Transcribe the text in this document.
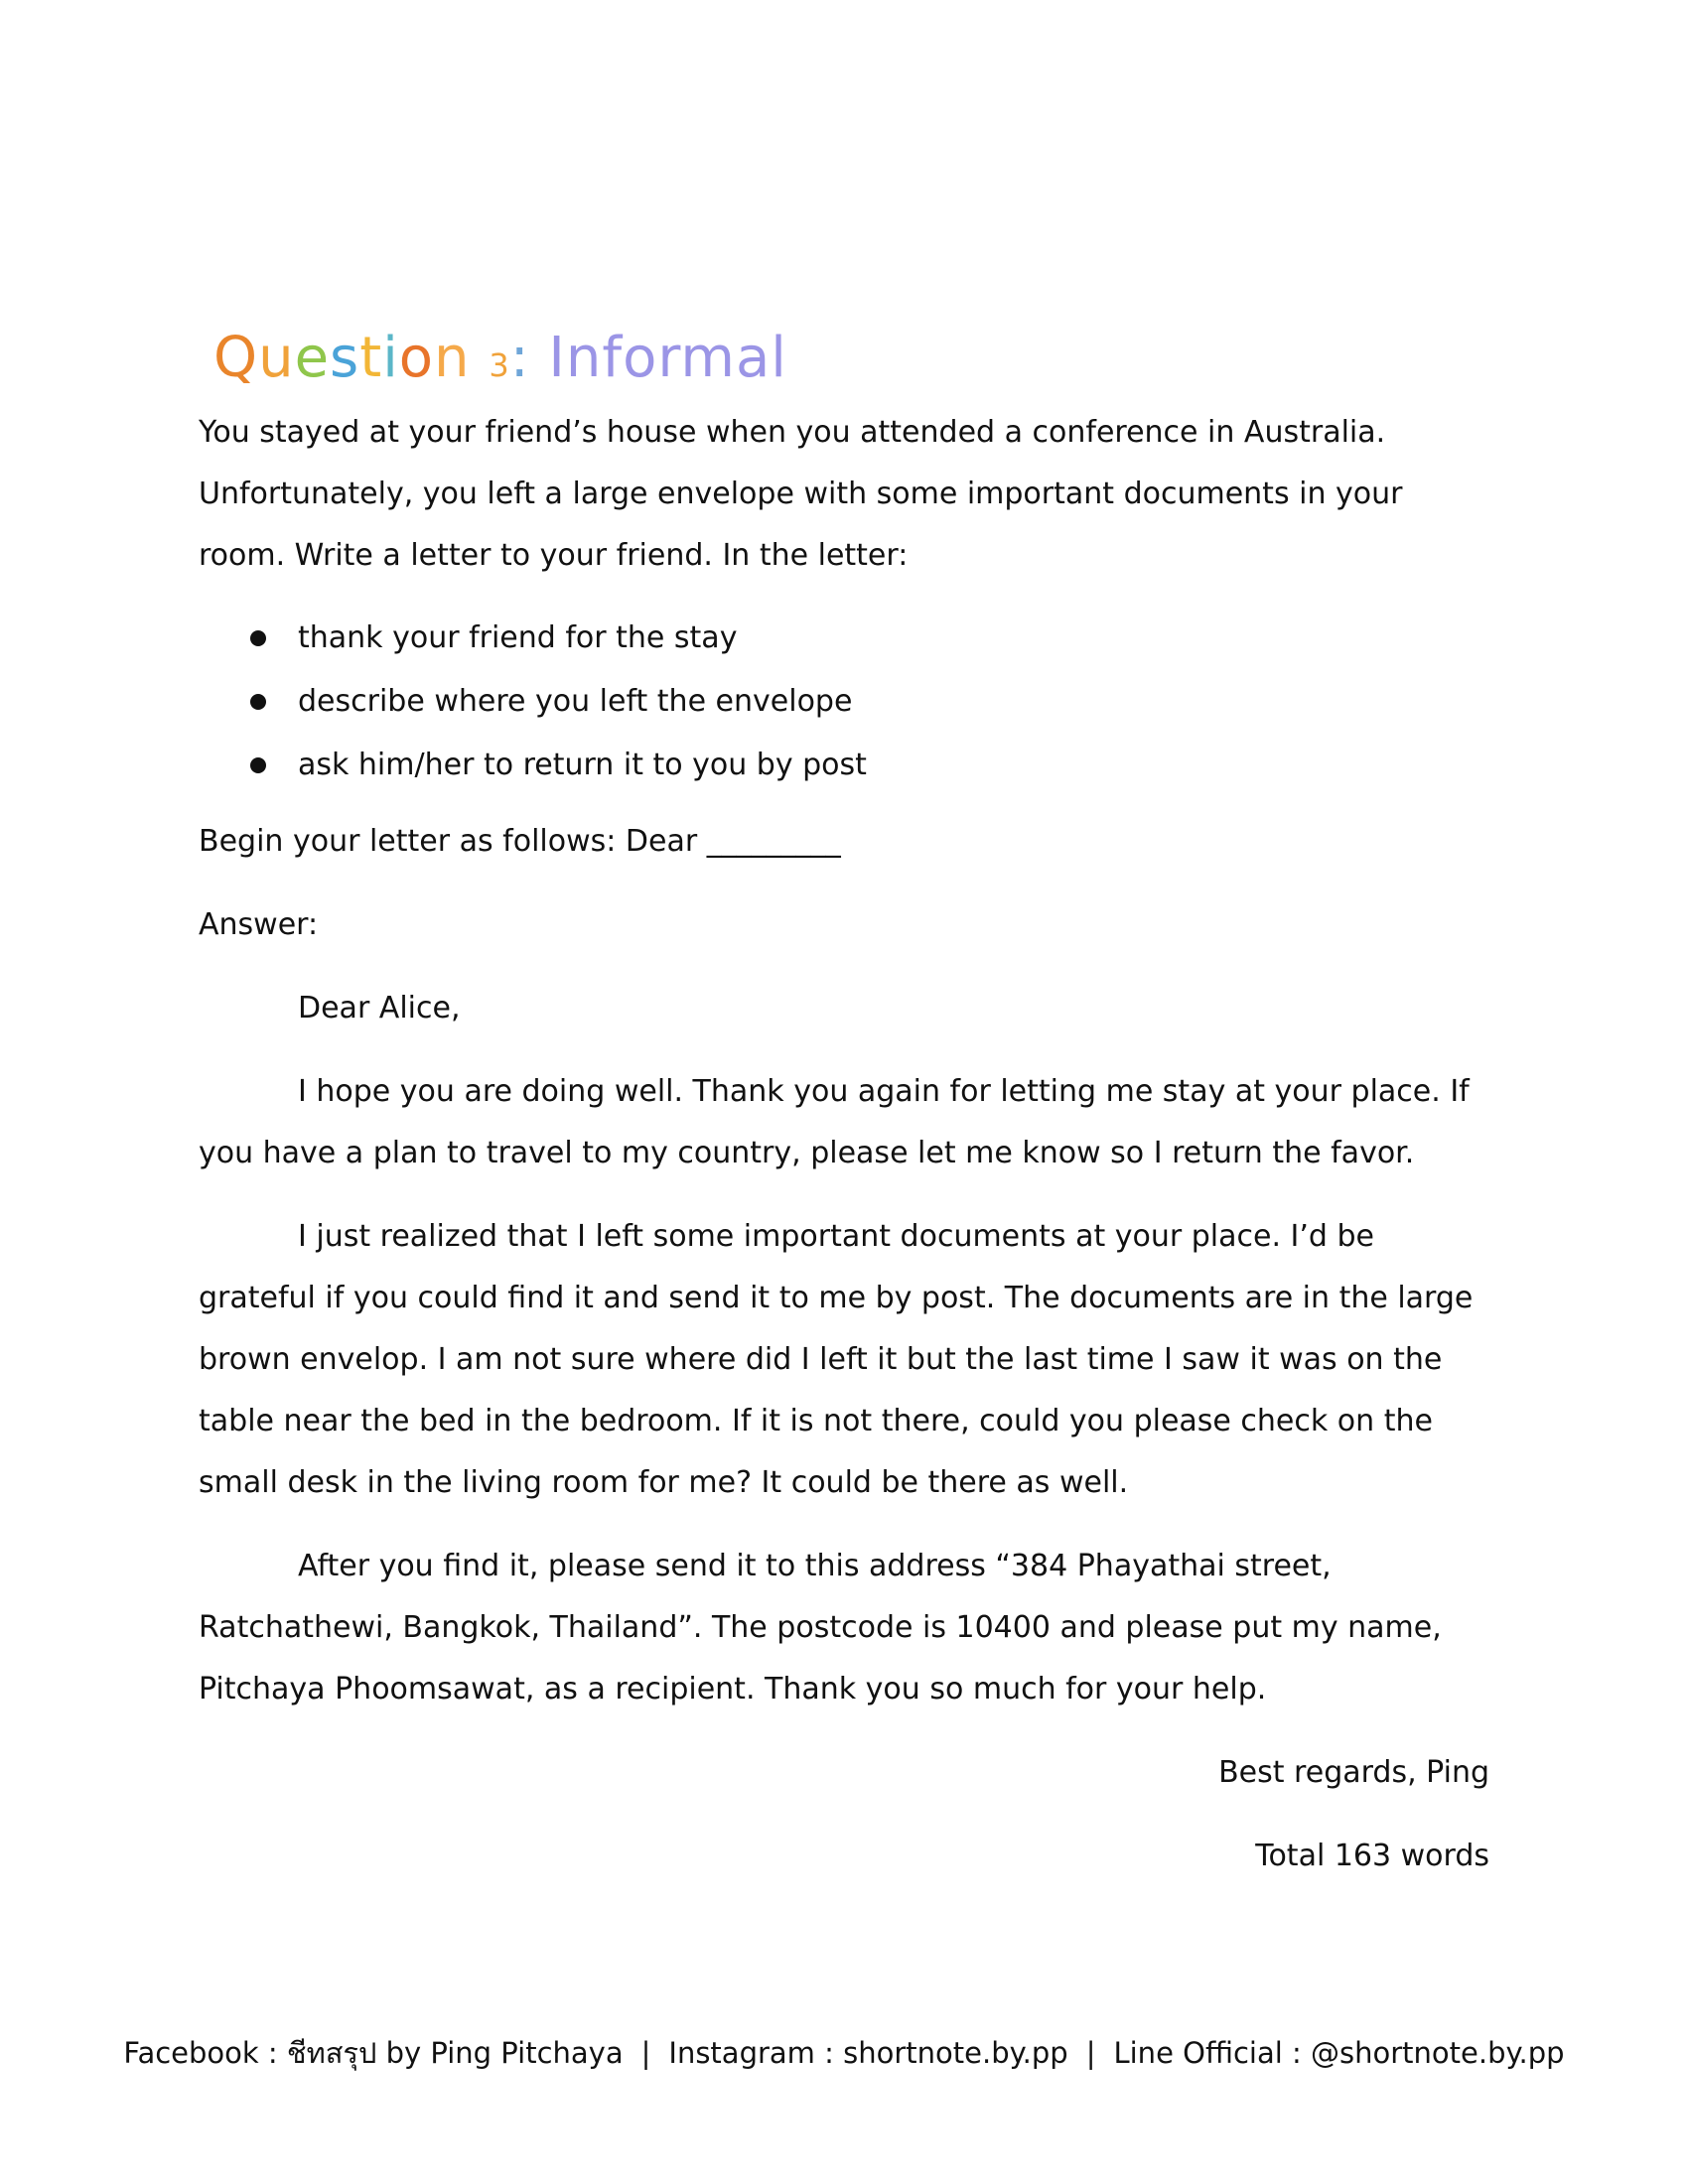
Question 3: Informal

You stayed at your friend’s house when you attended a conference in Australia. Unfortunately, you left a large envelope with some important documents in your room. Write a letter to your friend. In the letter:

thank your friend for the stay
describe where you left the envelope
ask him/her to return it to you by post

Begin your letter as follows: Dear _________

Answer:

Dear Alice,

I hope you are doing well. Thank you again for letting me stay at your place. If you have a plan to travel to my country, please let me know so I return the favor.

I just realized that I left some important documents at your place. I’d be grateful if you could find it and send it to me by post. The documents are in the large brown envelop. I am not sure where did I left it but the last time I saw it was on the table near the bed in the bedroom. If it is not there, could you please check on the small desk in the living room for me? It could be there as well.

After you find it, please send it to this address “384 Phayathai street, Ratchathewi, Bangkok, Thailand”. The postcode is 10400 and please put my name, Pitchaya Phoomsawat, as a recipient. Thank you so much for your help.

Best regards, Ping

Total 163 words

Facebook : ชีทสรุป by Ping Pitchaya | Instagram : shortnote.by.pp | Line Official : @shortnote.by.pp
